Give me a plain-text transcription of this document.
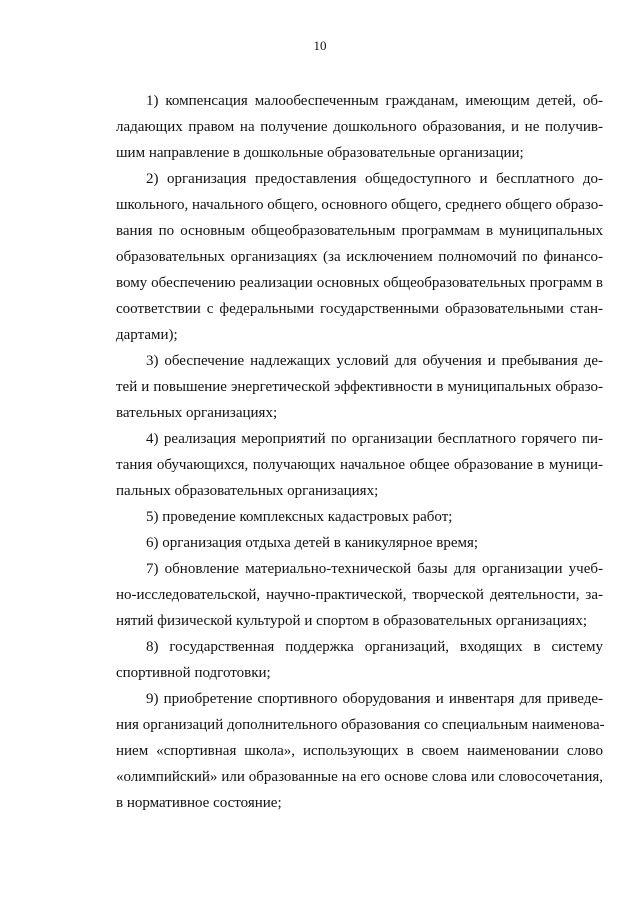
10
1) компенсация малообеспеченным гражданам, имеющим детей, об-
ладающих правом на получение дошкольного образования, и не получив-
шим направление в дошкольные образовательные организации;
2) организация предоставления общедоступного и бесплатного до-
школьного, начального общего, основного общего, среднего общего образо-
вания по основным общеобразовательным программам в муниципальных
образовательных организациях (за исключением полномочий по финансо-
вому обеспечению реализации основных общеобразовательных программ в
соответствии с федеральными государственными образовательными стан-
дартами);
3) обеспечение надлежащих условий для обучения и пребывания де-
тей и повышение энергетической эффективности в муниципальных образо-
вательных организациях;
4) реализация мероприятий по организации бесплатного горячего пи-
тания обучающихся, получающих начальное общее образование в муници-
пальных образовательных организациях;
5) проведение комплексных кадастровых работ;
6) организация отдыха детей в каникулярное время;
7) обновление материально-технической базы для организации учеб-
но-исследовательской, научно-практической, творческой деятельности, за-
нятий физической культурой и спортом в образовательных организациях;
8) государственная поддержка организаций, входящих в систему
спортивной подготовки;
9) приобретение спортивного оборудования и инвентаря для приведе-
ния организаций дополнительного образования со специальным наименова-
нием «спортивная школа», использующих в своем наименовании слово
«олимпийский» или образованные на его основе слова или словосочетания,
в нормативное состояние;
